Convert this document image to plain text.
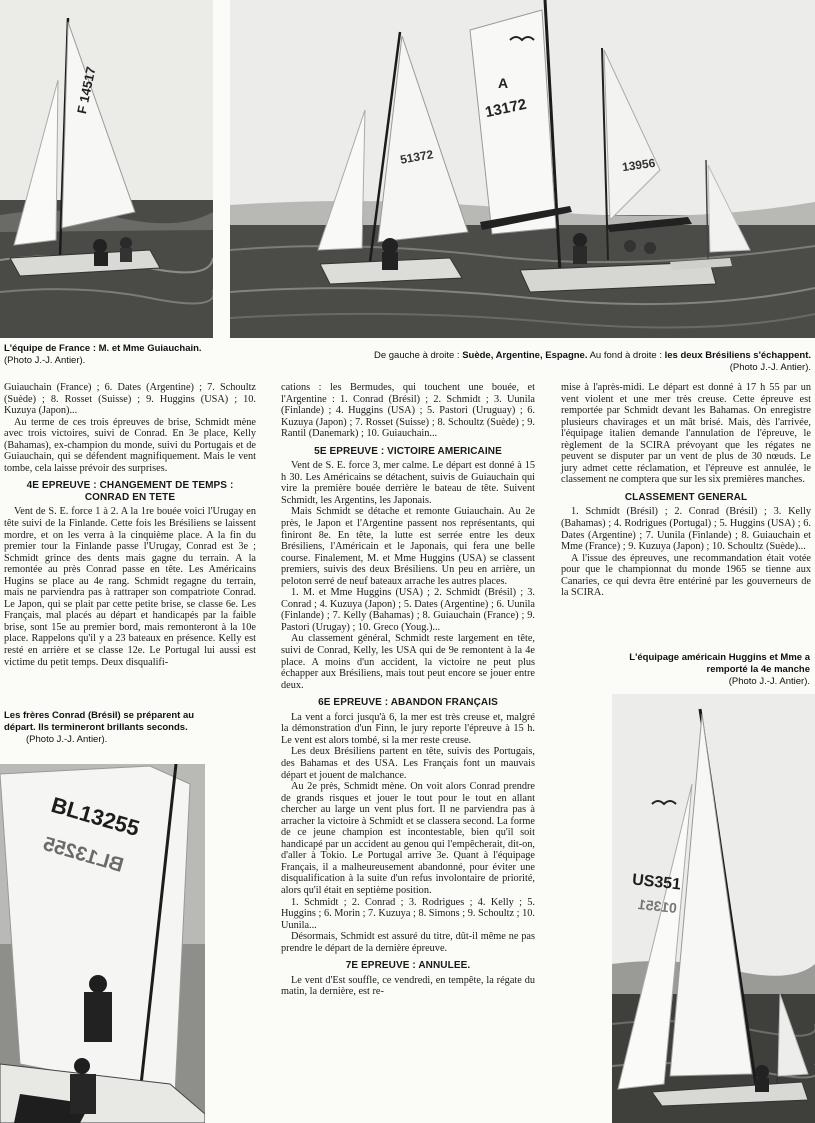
F 14517	A
13172
51372	13956
L'équipe de France : M. et Mme Guiauchain. (Photo J.-J. Antier).	De gauche à droite : Suède, Argentine, Espagne. Au fond à droite : les deux Brésiliens s'échappent.
(Photo J.-J. Antier).

Guiauchain (France) ; 6. Dates (Argentine) ; 7. Schoultz (Suède) ; 8. Rosset (Suisse) ; 9. Huggins (USA) ; 10. Kuzuya (Japon)...

Au terme de ces trois épreuves de brise, Schmidt mène avec trois victoires, suivi de Conrad. En 3e place, Kelly (Bahamas), ex-champion du monde, suivi du Portugais et de Guiauchain, qui se défendent magnifiquement. Mais le vent tombe, cela laisse prévoir des surprises.

4E EPREUVE : CHANGEMENT DE TEMPS : CONRAD EN TETE

Vent de S. E. force 1 à 2. A la 1re bouée voici l'Urugay en tête suivi de la Finlande. Cette fois les Brésiliens se laissent mordre, et on les verra à la cinquième place. A la fin du premier tour la Finlande passe l'Urugay, Conrad est 3e ; Schmidt grince des dents mais gagne du terrain. A la remontée au près Conrad passe en tête. Les Américains Hugins se place au 4e rang. Schmidt regagne du terrain, mais ne parviendra pas à rattraper son compatriote Conrad. Le Japon, qui se plait par cette petite brise, se classe 6e. Les Français, mal placés au départ et handicapés par la faible brise, sont 15e au premier bord, mais remonteront à la 10e place. Rappelons qu'il y a 23 bateaux en présence. Kelly est resté en arrière et se classe 12e. Le Portugal lui aussi est victime du petit temps. Deux disqualifi-

Les frères Conrad (Brésil) se préparent au départ. Ils termineront brillants seconds.
(Photo J.-J. Antier).
BL13255
BL13255

cations : les Bermudes, qui touchent une bouée, et l'Argentine : 1. Conrad (Brésil) ; 2. Schmidt ; 3. Uunila (Finlande) ; 4. Huggins (USA) ; 5. Pastori (Uruguay) ; 6. Kuzuya (Japon) ; 7. Rosset (Suisse) ; 8. Schoultz (Suède) ; 9. Rantil (Danemark) ; 10. Guiauchain...

5E EPREUVE : VICTOIRE AMERICAINE

Vent de S. E. force 3, mer calme. Le départ est donné à 15 h 30. Les Américains se détachent, suivis de Guiauchain qui vire la première bouée derrière le bateau de tête. Suivent Schmidt, les Argentins, les Japonais.

Mais Schmidt se détache et remonte Guiauchain. Au 2e près, le Japon et l'Argentine passent nos représentants, qui finiront 8e. En tête, la lutte est serrée entre les deux Brésiliens, l'Américain et le Japonais, qui fera une belle course. Finalement, M. et Mme Huggins (USA) se classent premiers, suivis des deux Brésiliens. Un peu en arrière, un peloton serré de neuf bateaux arrache les autres places.

1. M. et Mme Huggins (USA) ; 2. Schmidt (Brésil) ; 3. Conrad ; 4. Kuzuya (Japon) ; 5. Dates (Argentine) ; 6. Uunila (Finlande) ; 7. Kelly (Bahamas) ; 8. Guiauchain (France) ; 9. Pastori (Urugay) ; 10. Greco (Youg.)...

Au classement général, Schmidt reste largement en tête, suivi de Conrad, Kelly, les USA qui de 9e remontent à la 4e place. A moins d'un accident, la victoire ne peut plus échapper aux Brésiliens, mais tout peut encore se jouer entre deux.

6E EPREUVE : ABANDON FRANÇAIS

La vent a forci jusqu'à 6, la mer est très creuse et, malgré la démonstration d'un Finn, le jury reporte l'épreuve à 15 h. Le vent est alors tombé, si la mer reste creuse.

Les deux Brésiliens partent en tête, suivis des Portugais, des Bahamas et des USA. Les Français font un mauvais départ et jouent de malchance.

Au 2e près, Schmidt mène. On voit alors Conrad prendre de grands risques et jouer le tout pour le tout en allant chercher au large un vent plus fort. Il ne parviendra pas à arracher la victoire à Schmidt et se classera second. La forme de ce jeune champion est incontestable, bien qu'il soit handicapé par un accident au genou qui l'empêcherait, dit-on, d'aller à Tokio. Le Portugal arrive 3e. Quant à l'équipage Français, il a malheureusement abandonné, pour éviter une disqualification à la suite d'un refus involontaire de priorité, alors qu'il était en septième position.

1. Schmidt ; 2. Conrad ; 3. Rodrigues ; 4. Kelly ; 5. Huggins ; 6. Morin ; 7. Kuzuya ; 8. Simons ; 9. Schoultz ; 10. Uunila...

Désormais, Schmidt est assuré du titre, dût-il même ne pas prendre le départ de la dernière épreuve.

7E EPREUVE : ANNULEE.

Le vent d'Est souffle, ce vendredi, en tempête, la régate du matin, la dernière, est re-

mise à l'après-midi. Le départ est donné à 17 h 55 par un vent violent et une mer très creuse. Cette épreuve est remportée par Schmidt devant les Bahamas. On enregistre plusieurs chavirages et un mât brisé. Mais, dès l'arrivée, l'équipage italien demande l'annulation de l'épreuve, le règlement de la SCIRA prévoyant que les régates ne peuvent se disputer par un vent de plus de 30 nœuds. Le jury admet cette réclamation, et l'épreuve est annulée, le classement ne comptera que sur les six premières manches.

CLASSEMENT GENERAL

1. Schmidt (Brésil) ; 2. Conrad (Brésil) ; 3. Kelly (Bahamas) ; 4. Rodrigues (Portugal) ; 5. Huggins (USA) ; 6. Dates (Argentine) ; 7. Uunila (Finlande) ; 8. Guiauchain et Mme (France) ; 9. Kuzuya (Japon) ; 10. Schoultz (Suède)...

A l'issue des épreuves, une recommandation était votée pour que le championnat du monde 1965 se tienne aux Canaries, ce qui devra être entériné par les gouverneurs de la SCIRA.

L'équipage américain Huggins et Mme a remporté la 4e manche
(Photo J.-J. Antier).
US351
01351
